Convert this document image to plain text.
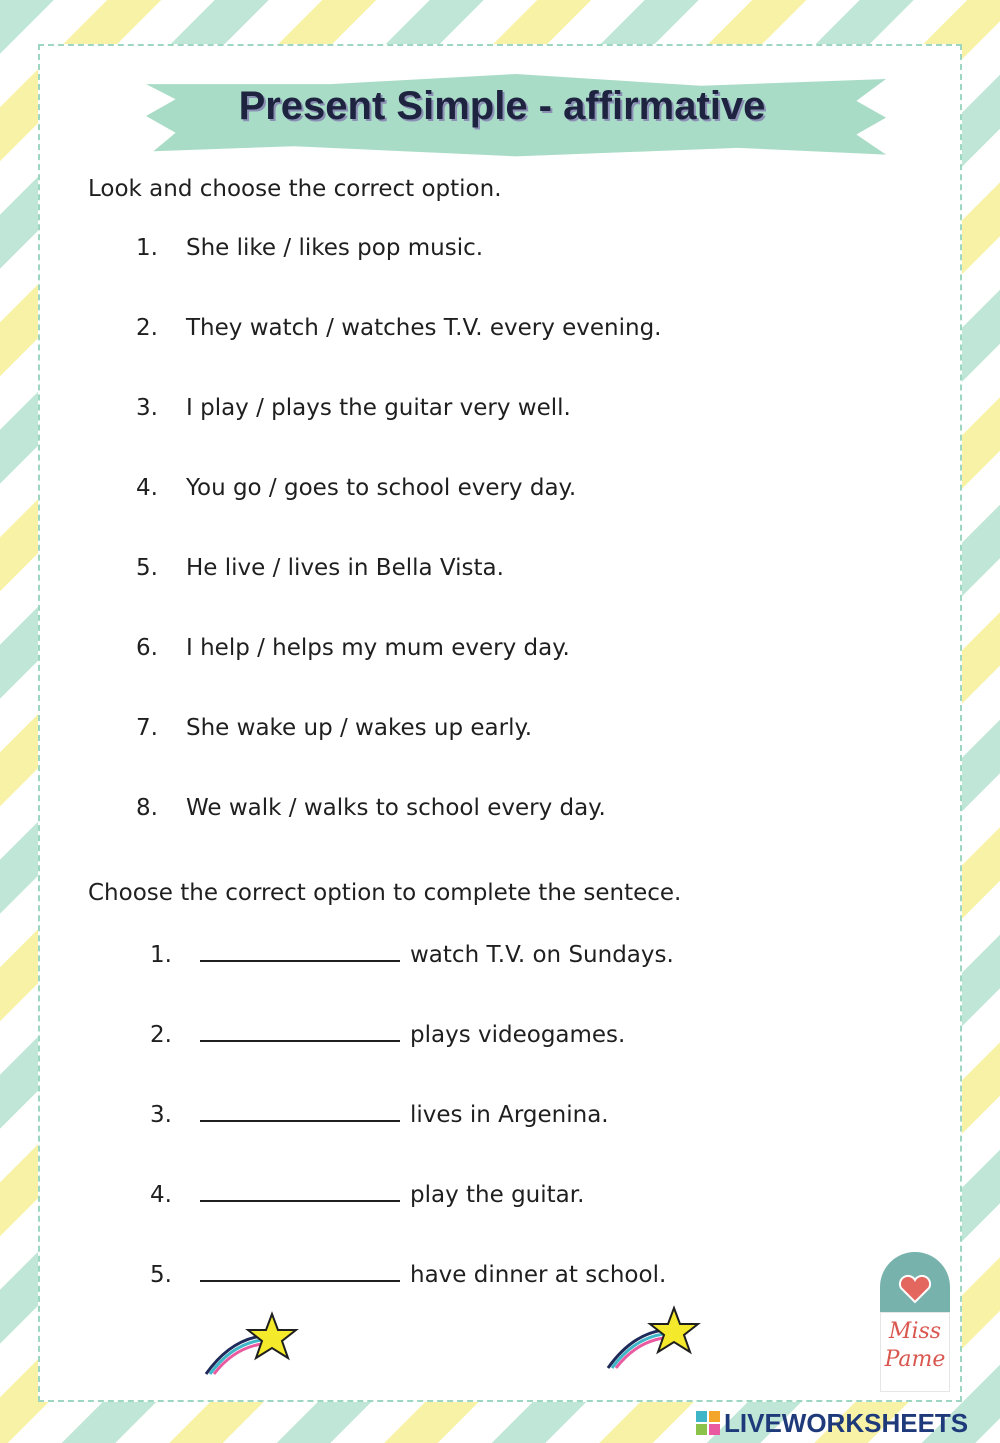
Present Simple - affirmative

Look and choose the correct option.

1. She like / likes pop music.
2. They watch / watches T.V. every evening.
3. I play / plays the guitar very well.
4. You go / goes to school every day.
5. He live / lives in Bella Vista.
6. I help / helps my mum every day.
7. She wake up / wakes up early.
8. We walk / walks to school every day.

Choose the correct option to complete the sentece.

1.	watch T.V. on Sundays.
2.	plays videogames.
3.	lives in Argenina.
4.	play the guitar.
5.	have dinner at school.
Miss
Pame
LIVEWORKSHEETS
